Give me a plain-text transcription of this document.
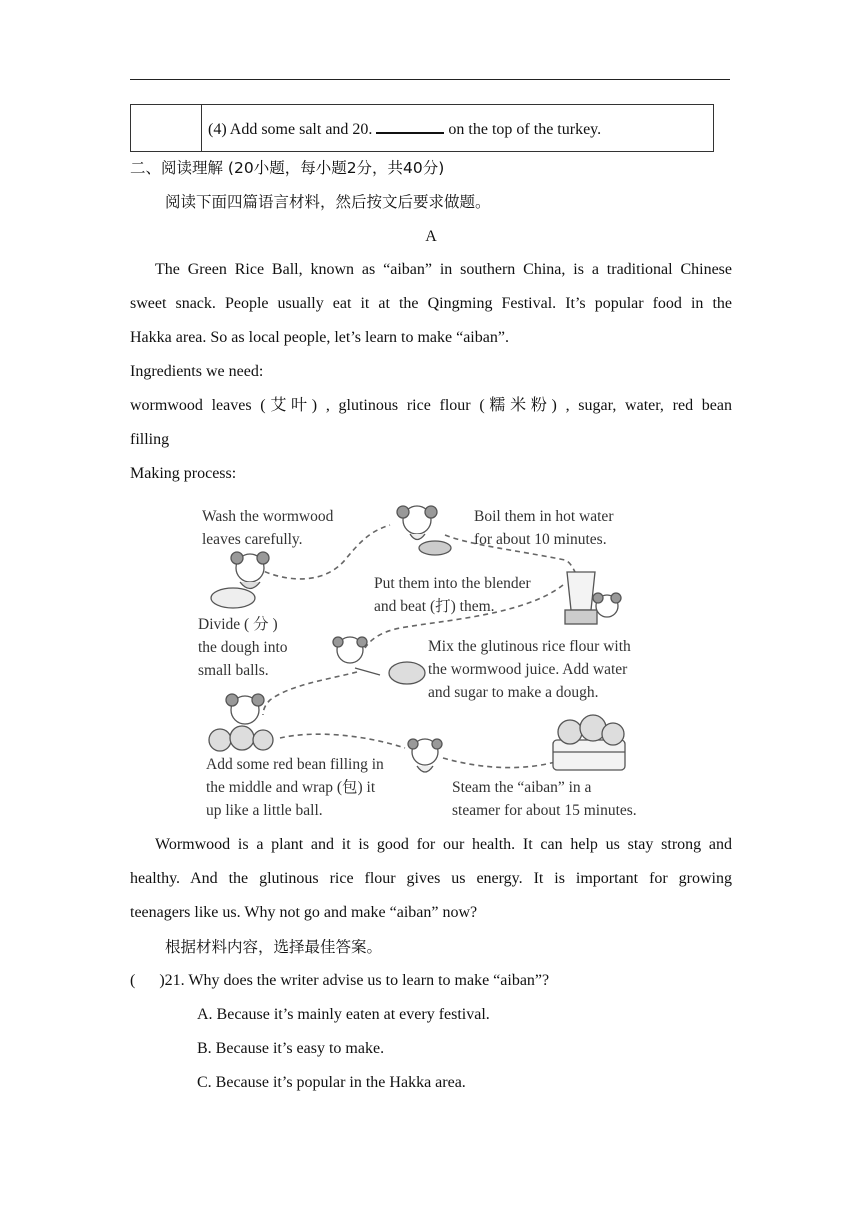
	(4) Add some salt and 20.	on the top of the turkey.
二、阅读理解 (20小题，每小题2分，共40分)
阅读下面四篇语言材料，然后按文后要求做题。
A
The Green Rice Ball, known as “aiban” in southern China, is a traditional Chinese
sweet snack. People usually eat it at the Qingming Festival. It’s popular food in the
Hakka area. So as local people, let’s learn to make “aiban”.
Ingredients we need:
wormwood leaves (艾叶) , glutinous rice flour (糯米粉) , sugar, water, red bean
filling
Making process:
Wash the wormwood
leaves carefully.
Boil them in hot water
for about 10 minutes.
Put them into the blender
and beat (打) them.
Mix the glutinous rice flour with
the wormwood juice. Add water
and sugar to make a dough.
Divide ( 分 )
the dough into
small balls.
Add some red bean filling in
the middle and wrap (包) it
up like a little ball.
Steam the “aiban” in a
steamer for about 15 minutes.
Wormwood is a plant and it is good for our health. It can help us stay strong and
healthy. And the glutinous rice flour gives us energy. It is important for growing
teenagers like us. Why not go and make “aiban” now?
根据材料内容，选择最佳答案。
(      )21. Why does the writer advise us to learn to make “aiban”?
A. Because it’s mainly eaten at every festival.
B. Because it’s easy to make.
C. Because it’s popular in the Hakka area.
